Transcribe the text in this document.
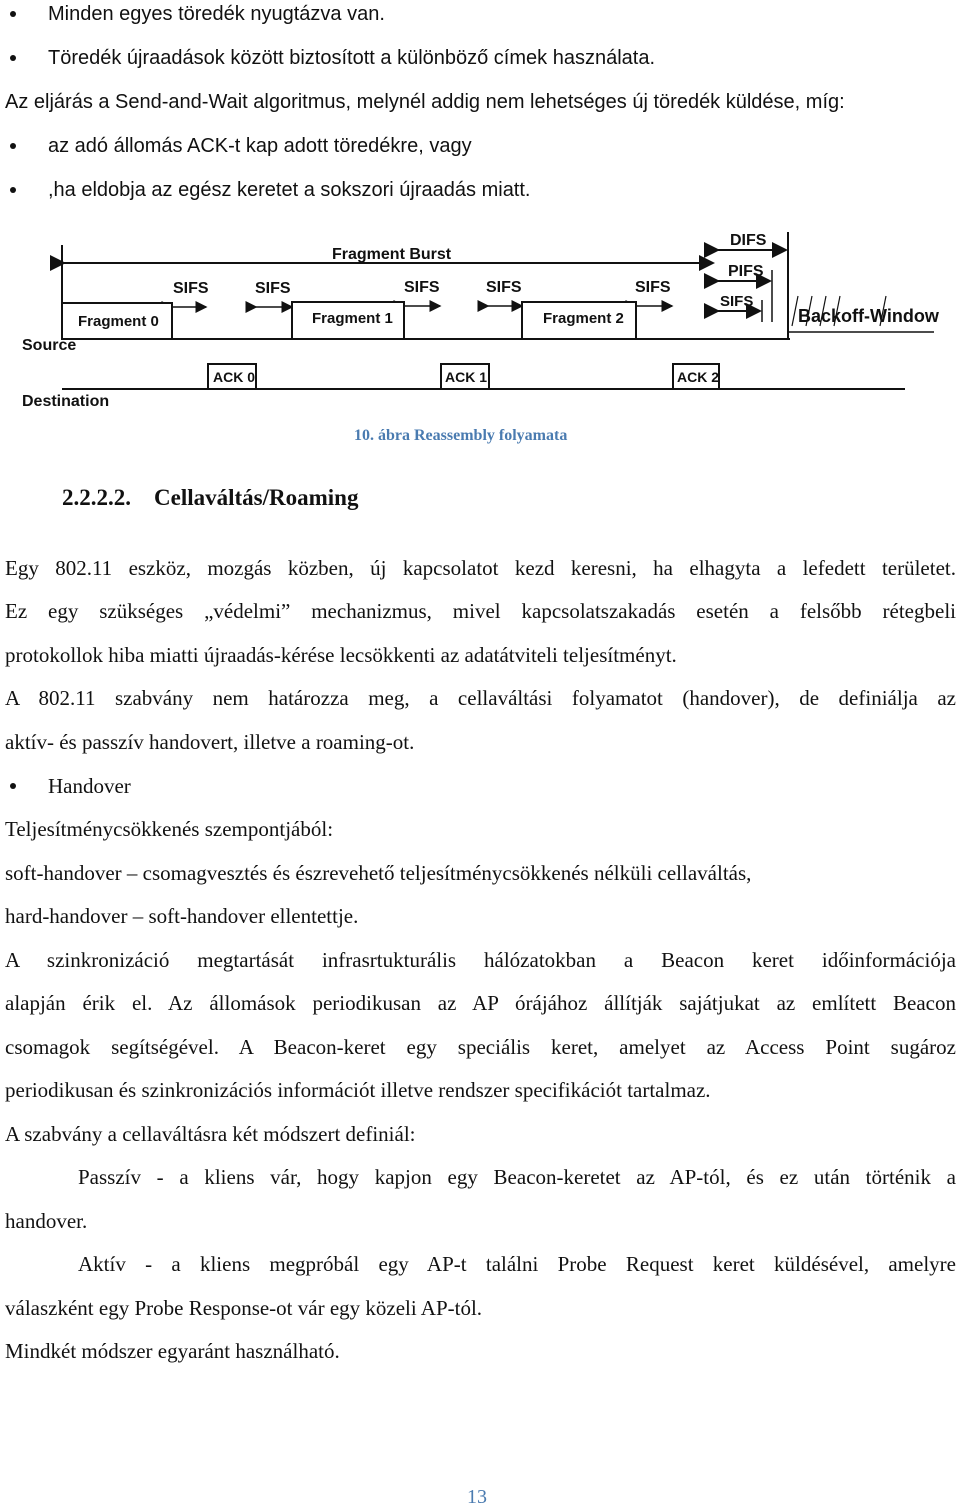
Minden egyes töredék nyugtázva van.
Töredék újraadások között biztosított a különböző címek használata.
Az eljárás a Send-and-Wait algoritmus, melynél addig nem lehetséges új töredék küldése, míg:
az adó állomás ACK-t kap adott töredékre, vagy
,ha eldobja az egész keretet a sokszori újraadás miatt.
Fragment Burst
DIFS
PIFS
SIFS
SIFS	SIFS	SIFS	SIFS	SIFS
Fragment 0	Fragment 1	Fragment 2	Backoff-Window
Source
ACK 0	ACK 1	ACK 2
Destination
10. ábra Reassembly folyamata
2.2.2.2. Cellaváltás/Roaming
Egy 802.11 eszköz, mozgás közben, új kapcsolatot kezd keresni, ha elhagyta a lefedett területet.
Ez egy szükséges „védelmi” mechanizmus, mivel kapcsolatszakadás esetén a felsőbb rétegbeli
protokollok hiba miatti újraadás-kérése lecsökkenti az adatátviteli teljesítményt.
A 802.11 szabvány nem határozza meg, a cellaváltási folyamatot (handover), de definiálja az
aktív- és passzív handovert, illetve a roaming-ot.
Handover
Teljesítménycsökkenés szempontjából:
soft-handover – csomagvesztés és észrevehető teljesítménycsökkenés nélküli cellaváltás,
hard-handover – soft-handover ellentettje.
A szinkronizáció megtartását infrasrtukturális hálózatokban a Beacon keret időinformációja
alapján érik el. Az állomások periodikusan az AP órájához állítják sajátjukat az említett Beacon
csomagok segítségével. A Beacon-keret egy speciális keret, amelyet az Access Point sugároz
periodikusan és szinkronizációs információt illetve rendszer specifikációt tartalmaz.
A szabvány a cellaváltásra két módszert definiál:
Passzív - a kliens vár, hogy kapjon egy Beacon-keretet az AP-tól, és ez után történik a
handover.
Aktív - a kliens megpróbál egy AP-t találni Probe Request keret küldésével, amelyre
válaszként egy Probe Response-ot vár egy közeli AP-tól.
Mindkét módszer egyaránt használható.
13
